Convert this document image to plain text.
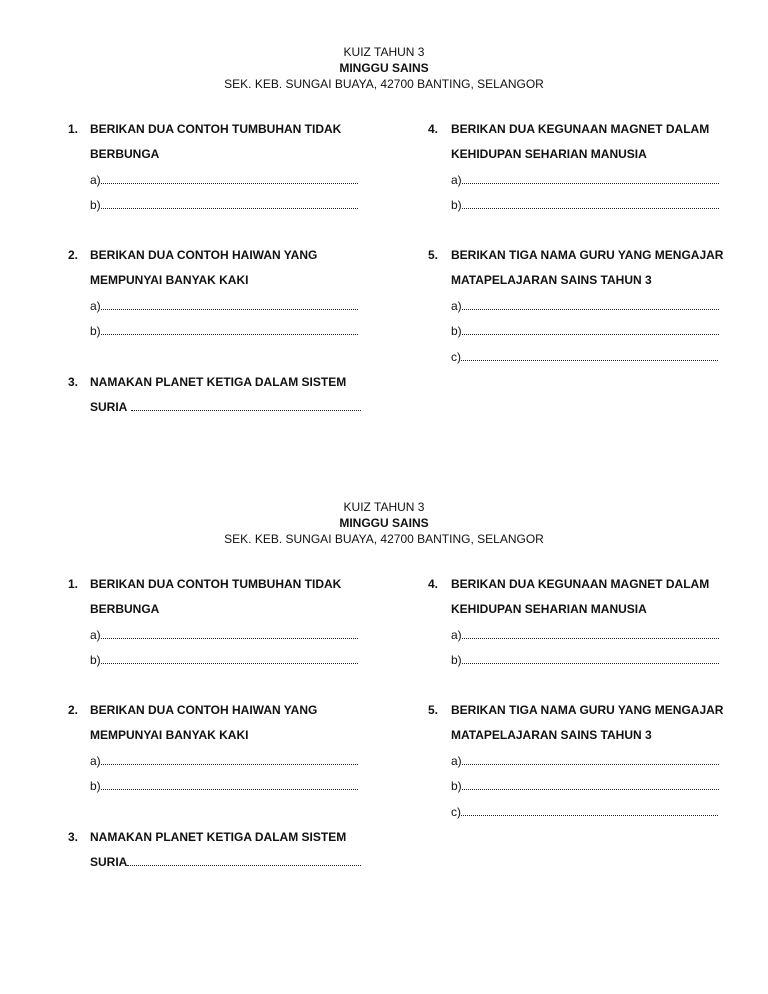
KUIZ TAHUN 3
MINGGU SAINS
SEK. KEB. SUNGAI BUAYA, 42700 BANTING, SELANGOR
1. BERIKAN DUA CONTOH TUMBUHAN TIDAK
BERBUNGA
a)
b)
2. BERIKAN DUA CONTOH HAIWAN YANG
MEMPUNYAI BANYAK KAKI
a)
b)
3. NAMAKAN PLANET KETIGA DALAM SISTEM
SURIA
4. BERIKAN DUA KEGUNAAN MAGNET DALAM
KEHIDUPAN SEHARIAN MANUSIA
a)
b)
5. BERIKAN TIGA NAMA GURU YANG MENGAJAR
MATAPELAJARAN SAINS TAHUN 3
a)
b)
c)
KUIZ TAHUN 3
MINGGU SAINS
SEK. KEB. SUNGAI BUAYA, 42700 BANTING, SELANGOR
1. BERIKAN DUA CONTOH TUMBUHAN TIDAK
BERBUNGA
a)
b)
2. BERIKAN DUA CONTOH HAIWAN YANG
MEMPUNYAI BANYAK KAKI
a)
b)
3. NAMAKAN PLANET KETIGA DALAM SISTEM
SURIA
4. BERIKAN DUA KEGUNAAN MAGNET DALAM
KEHIDUPAN SEHARIAN MANUSIA
a)
b)
5. BERIKAN TIGA NAMA GURU YANG MENGAJAR
MATAPELAJARAN SAINS TAHUN 3
a)
b)
c)
